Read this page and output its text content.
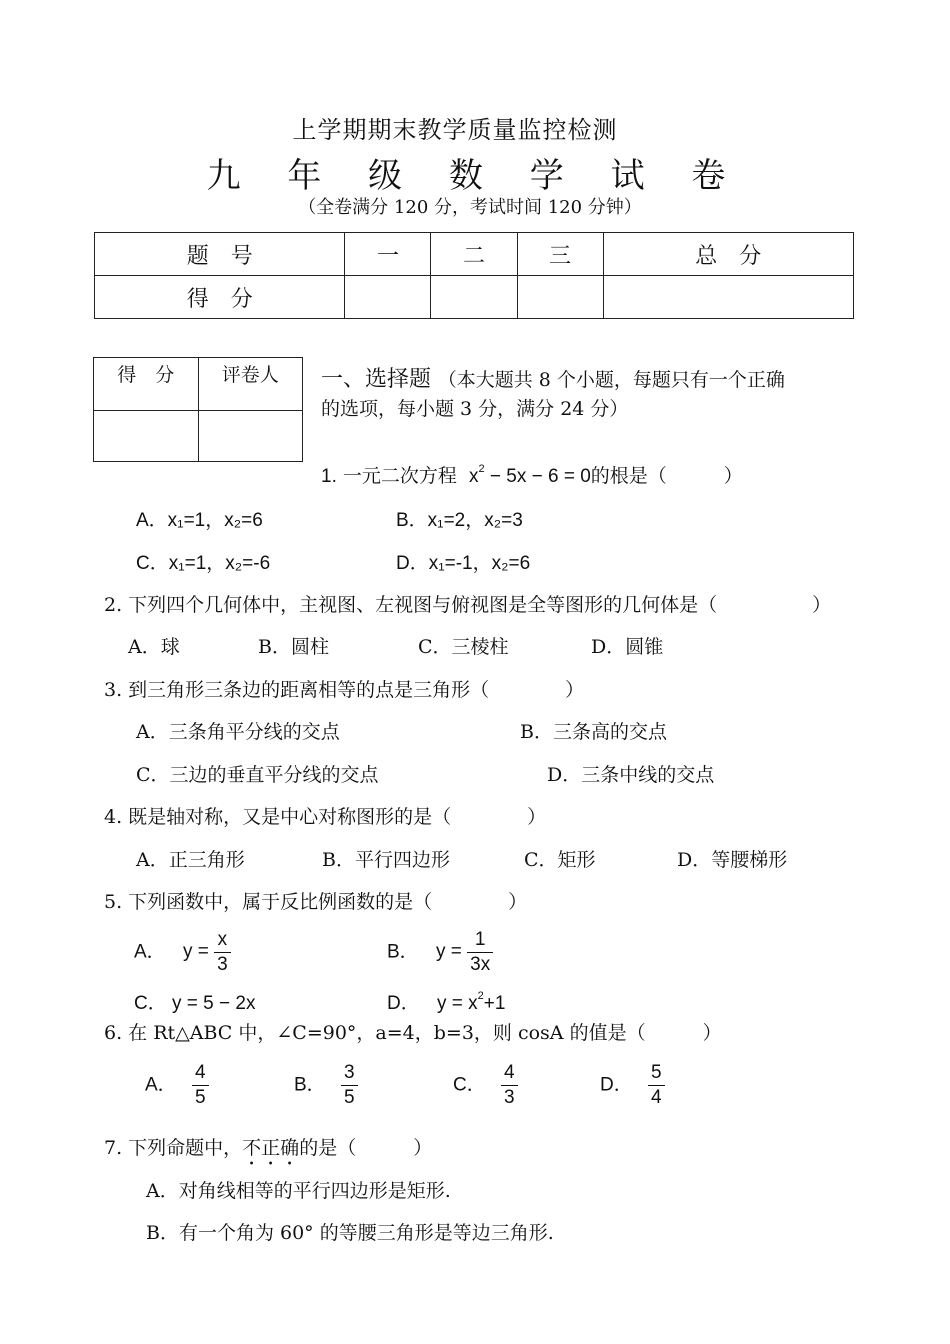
上学期期末教学质量监控检测
九 年 级 数 学 试 卷
（全卷满分 120 分，考试时间 120 分钟）
题　号	一	二	三	总　分
得　分				
得　分	评卷人
	一、选择题 （本大题共 8 个小题，每题只有一个正确
的选项，每小题 3 分，满分 24 分）
1. 一元二次方程 $x^2 - 5x - 6 = 0$的根是（　　　）
A．x₁=1，x₂=6	B．x₁=2，x₂=3
C．x₁=1，x₂=-6	D．x₁=-1，x₂=6
2. 下列四个几何体中，主视图、左视图与俯视图是全等图形的几何体是（　　　　　）
A．球	B．圆柱	C．三棱柱	D．圆锥
3. 到三角形三条边的距离相等的点是三角形（　　　　）
A．三条角平分线的交点	B．三条高的交点
C．三边的垂直平分线的交点	D．三条中线的交点
4. 既是轴对称，又是中心对称图形的是（　　　　）
A．正三角形	B．平行四边形	C．矩形	D．等腰梯形
5. 下列函数中，属于反比例函数的是（　　　　）
A． $y = \frac{x}{3}$	B． $y = \frac{1}{3x}$
C． y = 5 − 2x	D． $y = x^2+1$
6. 在 Rt△ABC 中，∠C=90°，a=4，b=3，则 cosA 的值是（　　　）
A． $\frac{4}{5}$	B． $\frac{3}{5}$	C． $\frac{4}{3}$	D． $\frac{5}{4}$
7. 下列命题中，不正确的是（　　　）
A．对角线相等的平行四边形是矩形.
B．有一个角为 60° 的等腰三角形是等边三角形.
